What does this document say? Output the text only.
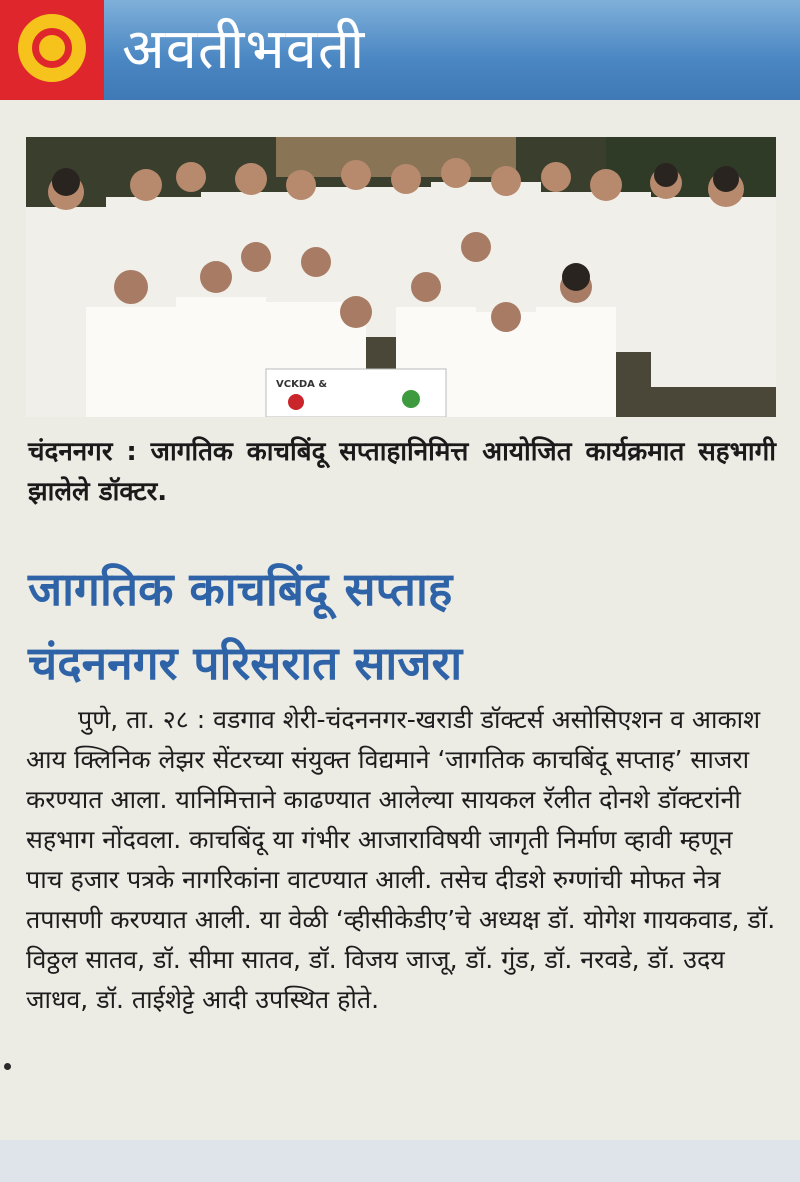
अवतीभवती
VCKDA &
चंदननगर : जागतिक काचबिंदू सप्ताहानिमित्त आयोजित कार्यक्रमात सहभागी झालेले डॉक्टर.
जागतिक काचबिंदू सप्ताह
चंदननगर परिसरात साजरा
पुणे, ता. २८ : वडगाव शेरी-चंदननगर-खराडी डॉक्टर्स असोसिएशन व आकाश आय क्लिनिक लेझर सेंटरच्या संयुक्त विद्यमाने ‘जागतिक काचबिंदू सप्ताह’ साजरा करण्यात आला. यानिमित्ताने काढण्यात आलेल्या सायकल रॅलीत दोनशे डॉक्टरांनी सहभाग नोंदवला. काचबिंदू या गंभीर आजाराविषयी जागृती निर्माण व्हावी म्हणून पाच हजार पत्रके नागरिकांना वाटण्यात आली. तसेच दीडशे रुग्णांची मोफत नेत्र तपासणी करण्यात आली. या वेळी ‘व्हीसीकेडीए’चे अध्यक्ष डॉ. योगेश गायकवाड, डॉ. विठ्ठल सातव, डॉ. सीमा सातव, डॉ. विजय जाजू, डॉ. गुंड, डॉ. नरवडे, डॉ. उदय जाधव, डॉ. ताईशेट्टे आदी उपस्थित होते.
